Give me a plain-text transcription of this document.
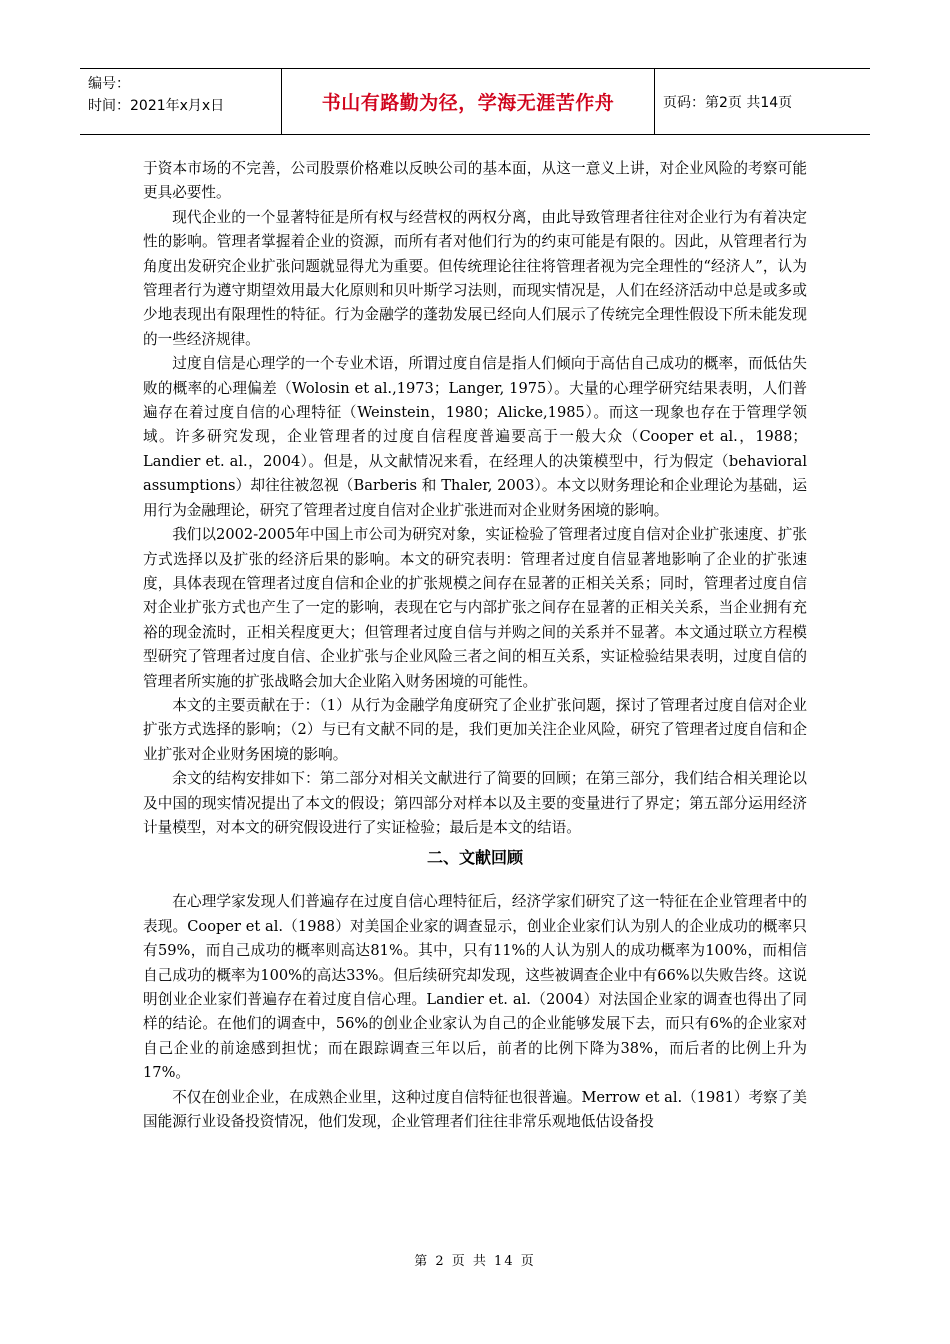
编号：
时间：2021年x月x日	书山有路勤为径，学海无涯苦作舟	页码：第2页 共14页

于资本市场的不完善，公司股票价格难以反映公司的基本面，从这一意义上讲，对企业风险的考察可能更具必要性。

现代企业的一个显著特征是所有权与经营权的两权分离，由此导致管理者往往对企业行为有着决定性的影响。管理者掌握着企业的资源，而所有者对他们行为的约束可能是有限的。因此，从管理者行为角度出发研究企业扩张问题就显得尤为重要。但传统理论往往将管理者视为完全理性的“经济人”，认为管理者行为遵守期望效用最大化原则和贝叶斯学习法则，而现实情况是，人们在经济活动中总是或多或少地表现出有限理性的特征。行为金融学的蓬勃发展已经向人们展示了传统完全理性假设下所未能发现的一些经济规律。

过度自信是心理学的一个专业术语，所谓过度自信是指人们倾向于高估自己成功的概率，而低估失败的概率的心理偏差（Wolosin et al.,1973；Langer, 1975）。大量的心理学研究结果表明，人们普遍存在着过度自信的心理特征（Weinstein，1980；Alicke,1985）。而这一现象也存在于管理学领域。许多研究发现，企业管理者的过度自信程度普遍要高于一般大众（Cooper et al.，1988；Landier et. al.，2004）。但是，从文献情况来看，在经理人的决策模型中，行为假定（behavioral assumptions）却往往被忽视（Barberis 和 Thaler, 2003）。本文以财务理论和企业理论为基础，运用行为金融理论，研究了管理者过度自信对企业扩张进而对企业财务困境的影响。

我们以2002-2005年中国上市公司为研究对象，实证检验了管理者过度自信对企业扩张速度、扩张方式选择以及扩张的经济后果的影响。本文的研究表明：管理者过度自信显著地影响了企业的扩张速度，具体表现在管理者过度自信和企业的扩张规模之间存在显著的正相关关系；同时，管理者过度自信对企业扩张方式也产生了一定的影响，表现在它与内部扩张之间存在显著的正相关关系，当企业拥有充裕的现金流时，正相关程度更大；但管理者过度自信与并购之间的关系并不显著。本文通过联立方程模型研究了管理者过度自信、企业扩张与企业风险三者之间的相互关系，实证检验结果表明，过度自信的管理者所实施的扩张战略会加大企业陷入财务困境的可能性。

本文的主要贡献在于：（1）从行为金融学角度研究了企业扩张问题，探讨了管理者过度自信对企业扩张方式选择的影响；（2）与已有文献不同的是，我们更加关注企业风险，研究了管理者过度自信和企业扩张对企业财务困境的影响。

余文的结构安排如下：第二部分对相关文献进行了简要的回顾；在第三部分，我们结合相关理论以及中国的现实情况提出了本文的假设；第四部分对样本以及主要的变量进行了界定；第五部分运用经济计量模型，对本文的研究假设进行了实证检验；最后是本文的结语。

二、文献回顾

在心理学家发现人们普遍存在过度自信心理特征后，经济学家们研究了这一特征在企业管理者中的表现。Cooper et al.（1988）对美国企业家的调查显示，创业企业家们认为别人的企业成功的概率只有59%，而自己成功的概率则高达81%。其中，只有11%的人认为别人的成功概率为100%，而相信自己成功的概率为100%的高达33%。但后续研究却发现，这些被调查企业中有66%以失败告终。这说明创业企业家们普遍存在着过度自信心理。Landier et. al.（2004）对法国企业家的调查也得出了同样的结论。在他们的调查中，56%的创业企业家认为自己的企业能够发展下去，而只有6%的企业家对自己企业的前途感到担忧；而在跟踪调查三年以后，前者的比例下降为38%，而后者的比例上升为17%。

不仅在创业企业，在成熟企业里，这种过度自信特征也很普遍。Merrow et al.（1981）考察了美国能源行业设备投资情况，他们发现，企业管理者们往往非常乐观地低估设备投

第 2 页 共 14 页
